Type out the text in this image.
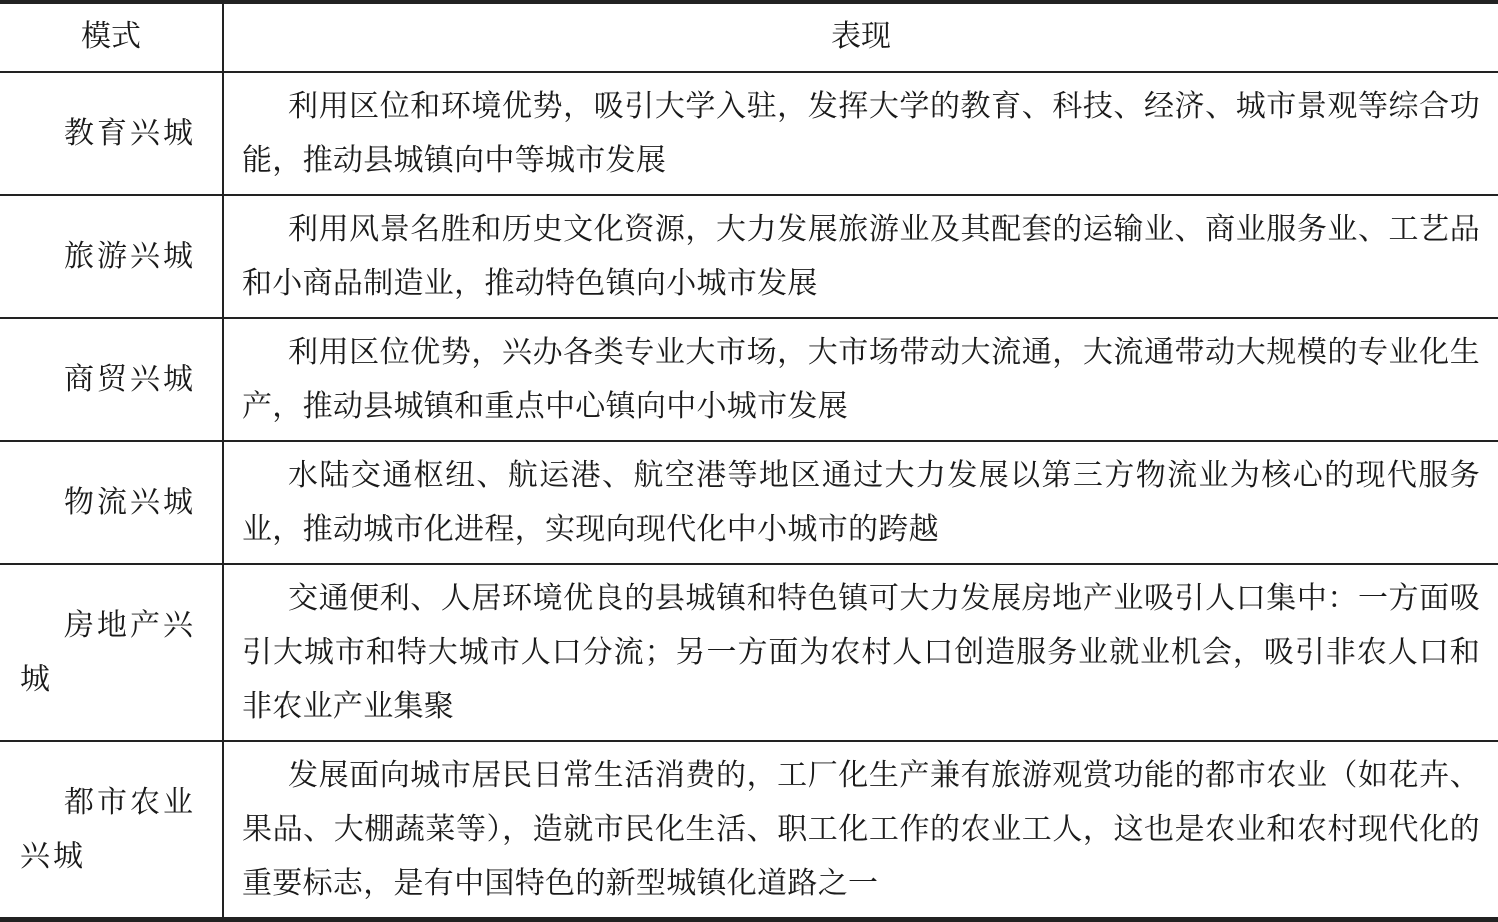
模式	表现
教育兴城
利用区位和环境优势，吸引大学入驻，发挥大学的教育、科技、经济、城市景观等综合功能，推动县城镇向中等城市发展
旅游兴城
利用风景名胜和历史文化资源，大力发展旅游业及其配套的运输业、商业服务业、工艺品和小商品制造业，推动特色镇向小城市发展
商贸兴城
利用区位优势，兴办各类专业大市场，大市场带动大流通，大流通带动大规模的专业化生产，推动县城镇和重点中心镇向中小城市发展
物流兴城
水陆交通枢纽、航运港、航空港等地区通过大力发展以第三方物流业为核心的现代服务业，推动城市化进程，实现向现代化中小城市的跨越
房地产兴城
交通便利、人居环境优良的县城镇和特色镇可大力发展房地产业吸引人口集中：一方面吸引大城市和特大城市人口分流；另一方面为农村人口创造服务业就业机会，吸引非农人口和非农业产业集聚
都市农业兴城
发展面向城市居民日常生活消费的，工厂化生产兼有旅游观赏功能的都市农业（如花卉、果品、大棚蔬菜等），造就市民化生活、职工化工作的农业工人，这也是农业和农村现代化的重要标志，是有中国特色的新型城镇化道路之一
